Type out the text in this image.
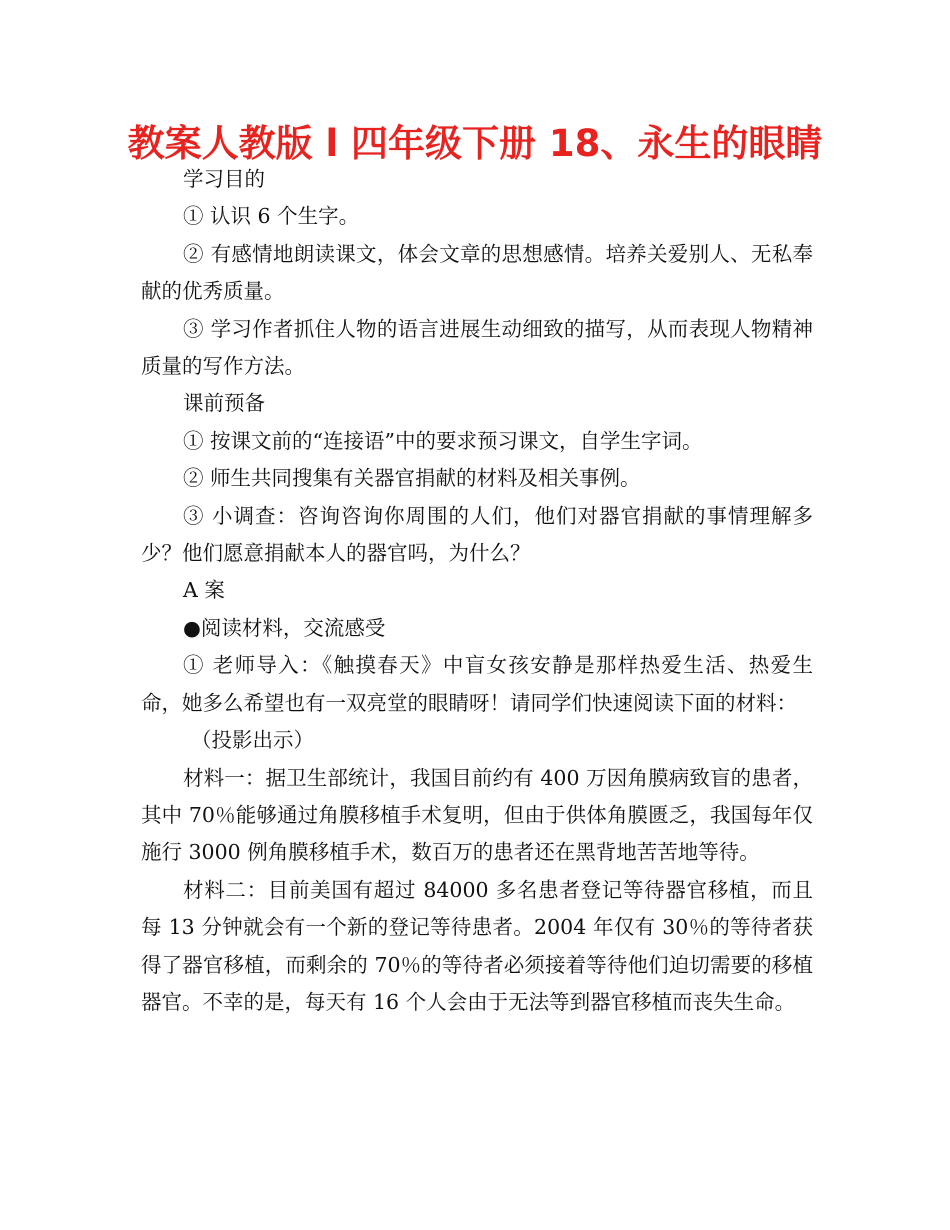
教案人教版 l 四年级下册 18、永生的眼睛

学习目的

① 认识 6 个生字。

② 有感情地朗读课文，体会文章的思想感情。培养关爱别人、无私奉献的优秀质量。

③ 学习作者抓住人物的语言进展生动细致的描写，从而表现人物精神质量的写作方法。

课前预备

① 按课文前的“连接语”中的要求预习课文，自学生字词。

② 师生共同搜集有关器官捐献的材料及相关事例。

③ 小调查：咨询咨询你周围的人们，他们对器官捐献的事情理解多少？他们愿意捐献本人的器官吗，为什么？

A 案

●阅读材料，交流感受

① 老师导入：《触摸春天》中盲女孩安静是那样热爱生活、热爱生命，她多么希望也有一双亮堂的眼睛呀！请同学们快速阅读下面的材料：

（投影出示）

材料一：据卫生部统计，我国目前约有 400 万因角膜病致盲的患者，其中 70％能够通过角膜移植手术复明，但由于供体角膜匮乏，我国每年仅施行 3000 例角膜移植手术，数百万的患者还在黑背地苦苦地等待。

材料二：目前美国有超过 84000 多名患者登记等待器官移植，而且每 13 分钟就会有一个新的登记等待患者。2004 年仅有 30％的等待者获得了器官移植，而剩余的 70％的等待者必须接着等待他们迫切需要的移植器官。不幸的是，每天有 16 个人会由于无法等到器官移植而丧失生命。
